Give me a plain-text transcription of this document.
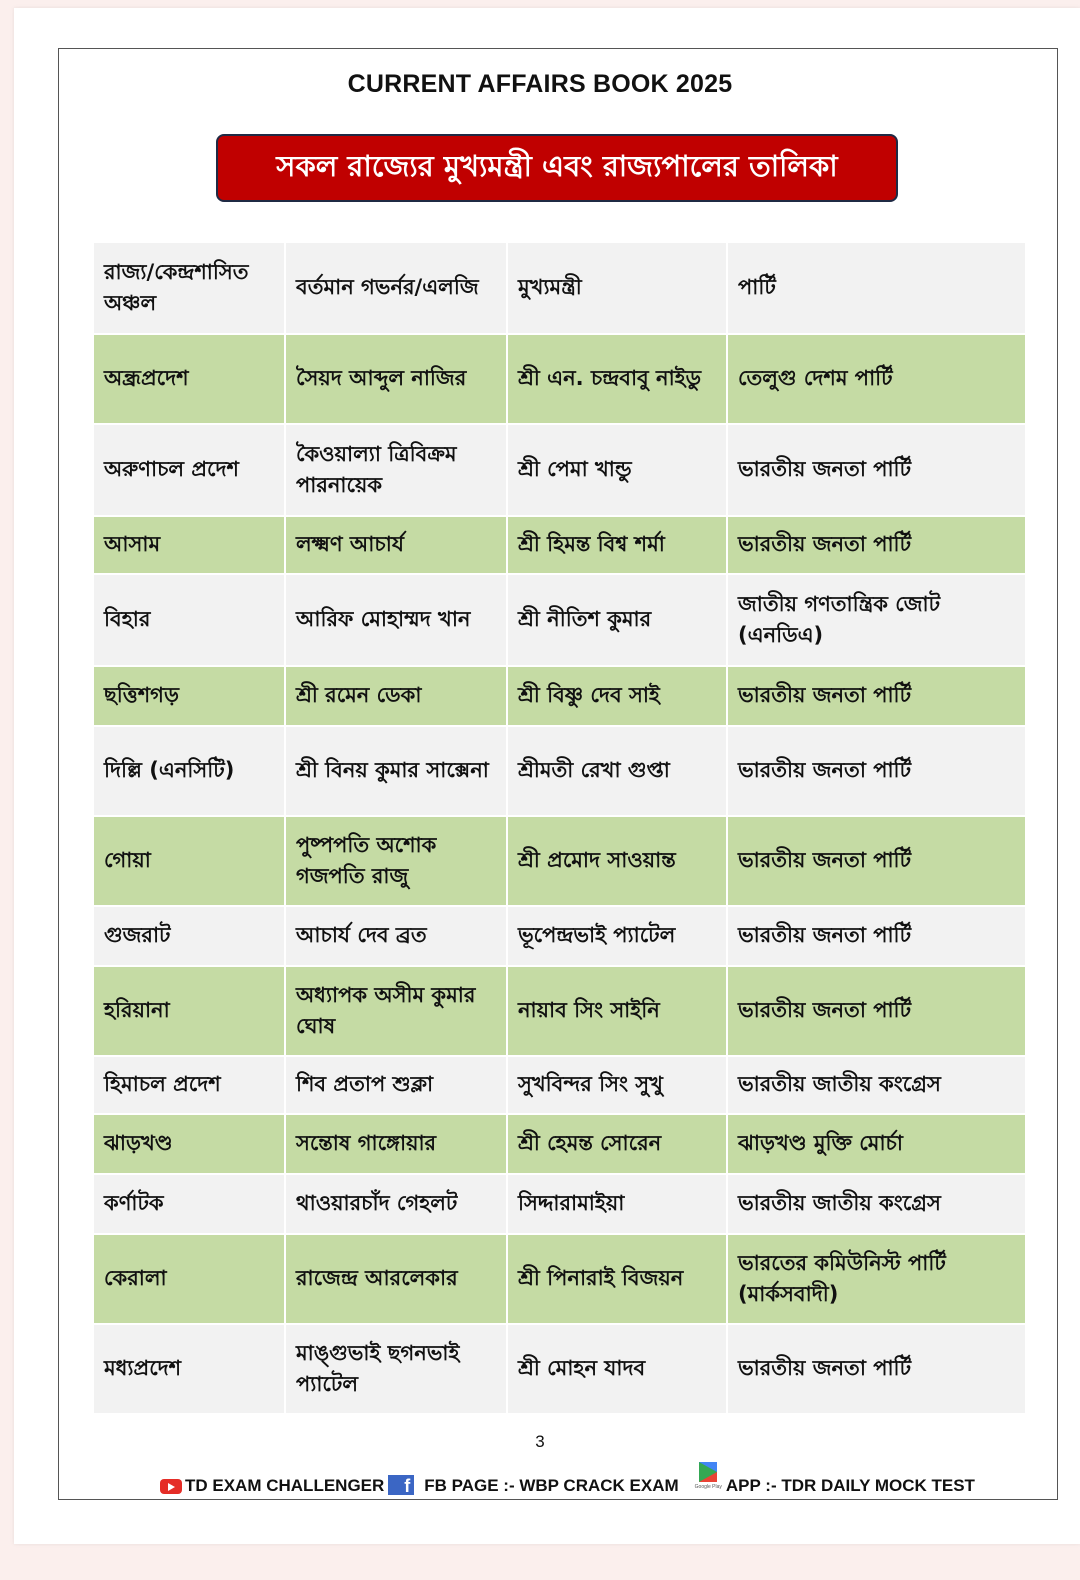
CURRENT AFFAIRS BOOK 2025
সকল রাজ্যের মুখ্যমন্ত্রী এবং রাজ্যপালের তালিকা
রাজ্য/কেন্দ্রশাসিত অঞ্চল	বর্তমান গভর্নর/এলজি	মুখ্যমন্ত্রী	পার্টি
অন্ধ্রপ্রদেশ	সৈয়দ আব্দুল নাজির	শ্রী এন. চন্দ্রবাবু নাইডু	তেলুগু দেশম পার্টি
অরুণাচল প্রদেশ	কৈওয়াল্যা ত্রিবিক্রম পারনায়েক	শ্রী পেমা খান্ডু	ভারতীয় জনতা পার্টি
আসাম	লক্ষ্মণ আচার্য	শ্রী হিমন্ত বিশ্ব শর্মা	ভারতীয় জনতা পার্টি
বিহার	আরিফ মোহাম্মদ খান	শ্রী নীতিশ কুমার	জাতীয় গণতান্ত্রিক জোট (এনডিএ)
ছত্তিশগড়	শ্রী রমেন ডেকা	শ্রী বিষ্ণু দেব সাই	ভারতীয় জনতা পার্টি
দিল্লি (এনসিটি)	শ্রী বিনয় কুমার সাক্সেনা	শ্রীমতী রেখা গুপ্তা	ভারতীয় জনতা পার্টি
গোয়া	পুষ্পপতি অশোক গজপতি রাজু	শ্রী প্রমোদ সাওয়ান্ত	ভারতীয় জনতা পার্টি
গুজরাট	আচার্য দেব ব্রত	ভূপেন্দ্রভাই প্যাটেল	ভারতীয় জনতা পার্টি
হরিয়ানা	অধ্যাপক অসীম কুমার ঘোষ	নায়াব সিং সাইনি	ভারতীয় জনতা পার্টি
হিমাচল প্রদেশ	শিব প্রতাপ শুক্লা	সুখবিন্দর সিং সুখু	ভারতীয় জাতীয় কংগ্রেস
ঝাড়খণ্ড	সন্তোষ গাঙ্গোয়ার	শ্রী হেমন্ত সোরেন	ঝাড়খণ্ড মুক্তি মোর্চা
কর্ণাটক	থাওয়ারচাঁদ গেহলট	সিদ্দারামাইয়া	ভারতীয় জাতীয় কংগ্রেস
কেরালা	রাজেন্দ্র আরলেকার	শ্রী পিনারাই বিজয়ন	ভারতের কমিউনিস্ট পার্টি (মার্কসবাদী)
মধ্যপ্রদেশ	মাঙ্গুভাই ছগনভাই প্যাটেল	শ্রী মোহন যাদব	ভারতীয় জনতা পার্টি
3
TD EXAM CHALLENGER	f FB PAGE :- WBP CRACK EXAM	Google Play APP :- TDR DAILY MOCK TEST
